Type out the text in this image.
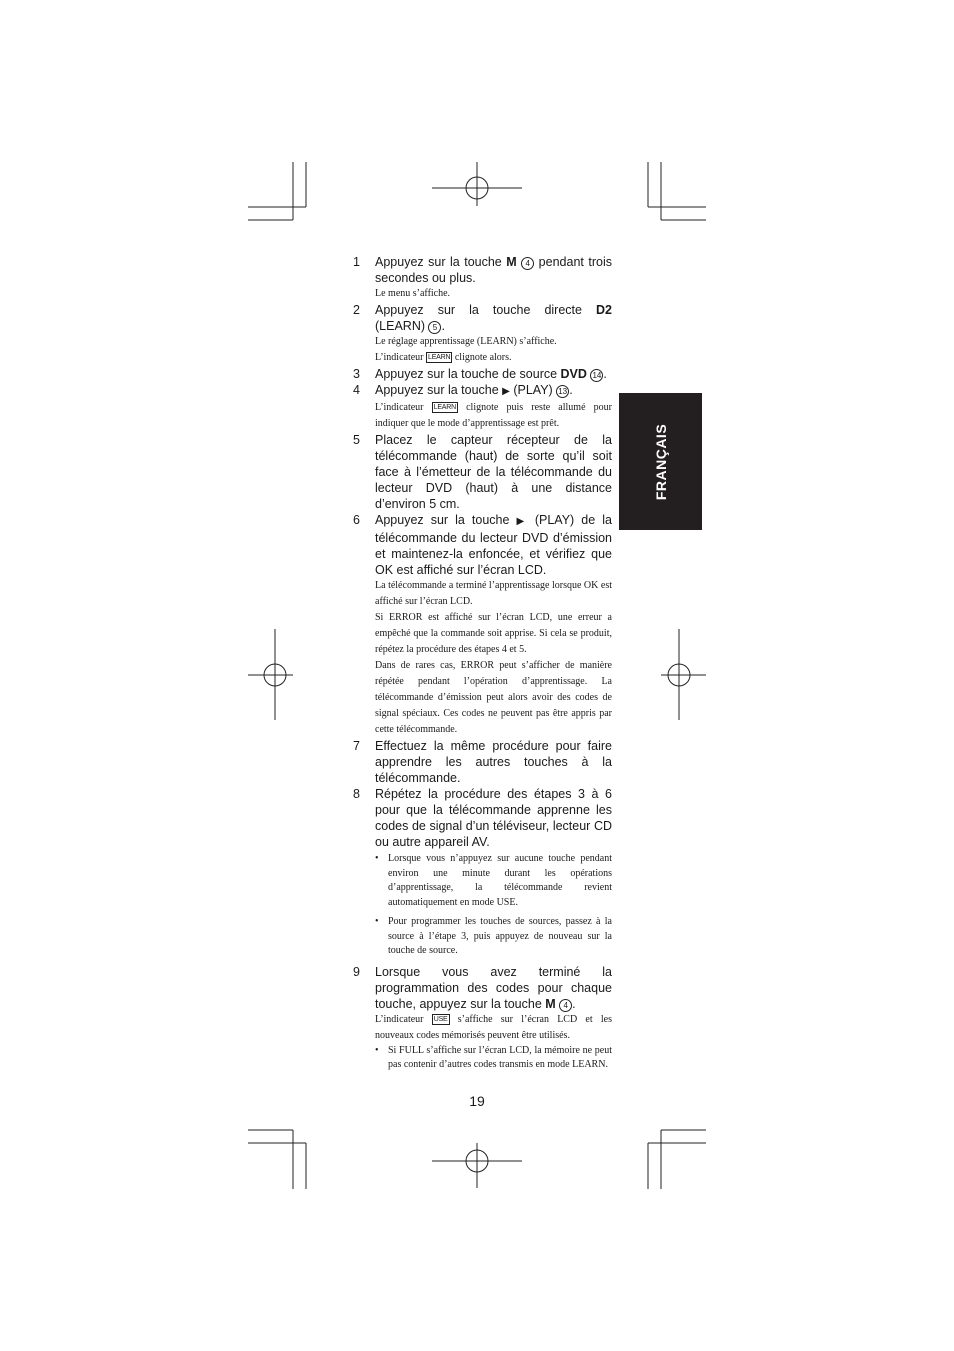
FRANÇAIS
1 Appuyez sur la touche M 4 pendant trois secondes ou plus.

Le menu s’affiche.

2 Appuyez sur la touche directe D2 (LEARN) 5 .

Le réglage apprentissage (LEARN) s’affiche.

L’indicateur LEARN clignote alors.

3 Appuyez sur la touche de source DVD 14 .

4 Appuyez sur la touche ▶ (PLAY) 13 .

L’indicateur LEARN clignote puis reste allumé pour indiquer que le mode d’apprentissage est prêt.

5 Placez le capteur récepteur de la télécommande (haut) de sorte qu’il soit face à l’émetteur de la télécommande du lecteur DVD (haut) à une distance d’environ 5 cm.

6 Appuyez sur la touche ▶ (PLAY) de la télécommande du lecteur DVD d’émission et maintenez-la enfoncée, et vérifiez que OK est affiché sur l’écran LCD.

La télécommande a terminé l’apprentissage lorsque OK est affiché sur l’écran LCD.

Si ERROR est affiché sur l’écran LCD, une erreur a empêché que la commande soit apprise. Si cela se produit, répétez la procédure des étapes 4 et 5.

Dans de rares cas, ERROR peut s’afficher de manière répétée pendant l’opération d’apprentissage. La télécommande d’émission peut alors avoir des codes de signal spéciaux. Ces codes ne peuvent pas être appris par cette télécommande.

7 Effectuez la même procédure pour faire apprendre les autres touches à la télécommande.

8 Répétez la procédure des étapes 3 à 6 pour que la télécommande apprenne les codes de signal d’un téléviseur, lecteur CD ou autre appareil AV.

• Lorsque vous n’appuyez sur aucune touche pendant environ une minute durant les opérations d’apprentissage, la télécommande revient automatiquement en mode USE.
• Pour programmer les touches de sources, passez à la source à l’étape 3, puis appuyez de nouveau sur la touche de source.
9 Lorsque vous avez terminé la programmation des codes pour chaque touche, appuyez sur la touche M 4 .

L’indicateur USE s’affiche sur l’écran LCD et les nouveaux codes mémorisés peuvent être utilisés.

• Si FULL s’affiche sur l’écran LCD, la mémoire ne peut pas contenir d’autres codes transmis en mode LEARN.
19
